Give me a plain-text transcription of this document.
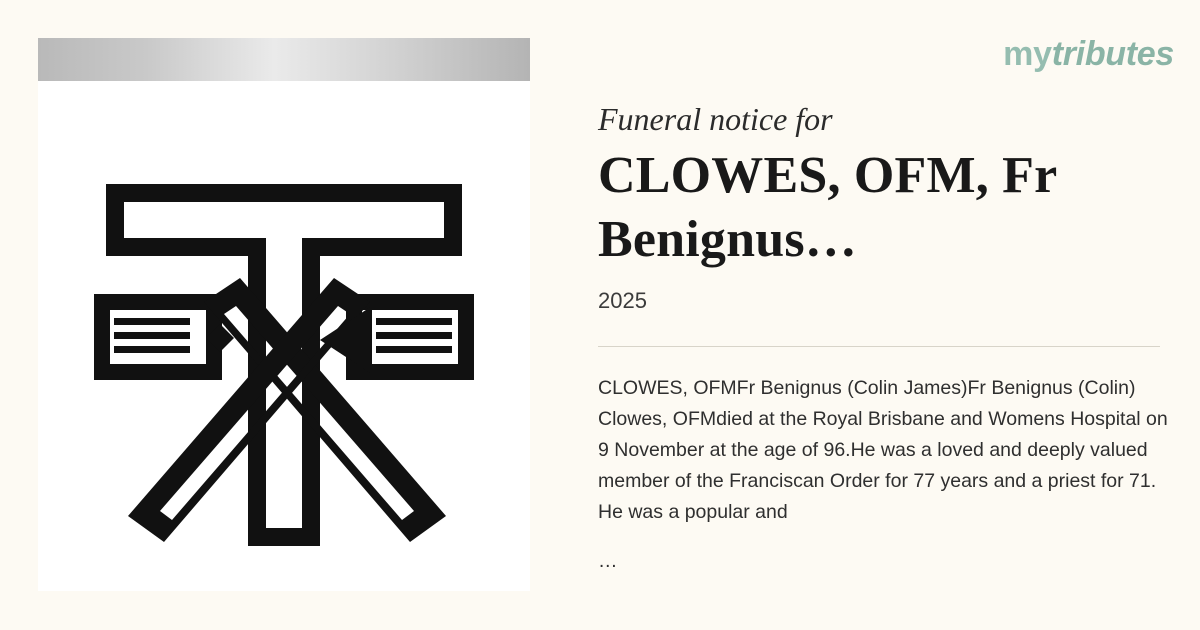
mytributes
Funeral notice for
CLOWES, OFM, Fr Benignus…
2025
CLOWES, OFMFr Benignus (Colin James)Fr Benignus (Colin) Clowes, OFMdied at the Royal Brisbane and Womens Hospital on 9 November at the age of 96.He was a loved and deeply valued member of the Franciscan Order for 77 years and a priest for 71. He was a popular and
…
